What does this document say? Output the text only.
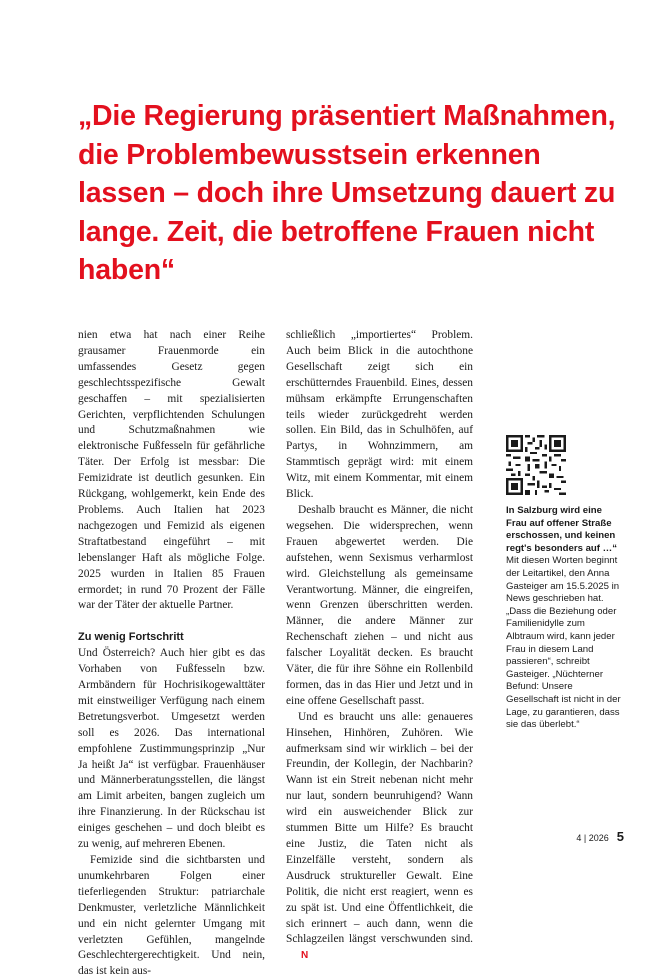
„Die Regierung präsentiert Maßnahmen, die Problembewusstsein erkennen lassen – doch ihre Umsetzung dauert zu lange. Zeit, die betroffene Frauen nicht haben“

nien etwa hat nach einer Reihe grausamer Frauenmorde ein umfassendes Gesetz gegen geschlechtsspezifische Gewalt geschaffen – mit spezialisierten Gerichten, verpflichtenden Schulungen und Schutzmaßnahmen wie elektronische Fußfesseln für gefährliche Täter. Der Erfolg ist messbar: Die Femizidrate ist deutlich gesunken. Ein Rückgang, wohlgemerkt, kein Ende des Problems. Auch Italien hat 2023 nachgezogen und Femizid als eigenen Straftatbestand eingeführt – mit lebenslanger Haft als mögliche Folge. 2025 wurden in Italien 85 Frauen ermordet; in rund 70 Prozent der Fälle war der Täter der aktuelle Partner.

Zu wenig Fortschritt

Und Österreich? Auch hier gibt es das Vorhaben von Fußfesseln bzw. Armbändern für Hochrisikogewalttäter mit einstweiliger Verfügung nach einem Betretungsverbot. Umgesetzt werden soll es 2026. Das international empfohlene Zustimmungsprinzip „Nur Ja heißt Ja“ ist verfügbar. Frauenhäuser und Männerberatungsstellen, die längst am Limit arbeiten, bangen zugleich um ihre Finanzierung. In der Rückschau ist einiges geschehen – und doch bleibt es zu wenig, auf mehreren Ebenen.

Femizide sind die sichtbarsten und unumkehrbaren Folgen einer tieferliegenden Struktur: patriarchale Denkmuster, verletzliche Männlichkeit und ein nicht gelernter Umgang mit verletzten Gefühlen, mangelnde Geschlechtergerechtigkeit. Und nein, das ist kein aus-

schließlich „importiertes“ Problem. Auch beim Blick in die autochthone Gesellschaft zeigt sich ein erschütterndes Frauenbild. Eines, dessen mühsam erkämpfte Errungenschaften teils wieder zurückgedreht werden sollen. Ein Bild, das in Schulhöfen, auf Partys, in Wohnzimmern, am Stammtisch geprägt wird: mit einem Witz, mit einem Kommentar, mit einem Blick.

Deshalb braucht es Männer, die nicht wegsehen. Die widersprechen, wenn Frauen abgewertet werden. Die aufstehen, wenn Sexismus verharmlost wird. Gleichstellung als gemeinsame Verantwortung. Männer, die eingreifen, wenn Grenzen überschritten werden. Männer, die andere Männer zur Rechenschaft ziehen – und nicht aus falscher Loyalität decken. Es braucht Väter, die für ihre Söhne ein Rollenbild formen, das in das Hier und Jetzt und in eine offene Gesellschaft passt.

Und es braucht uns alle: genaueres Hinsehen, Hinhören, Zuhören. Wie aufmerksam sind wir wirklich – bei der Freundin, der Kollegin, der Nachbarin? Wann ist ein Streit nebenan nicht mehr nur laut, sondern beunruhigend? Wann wird ein ausweichender Blick zur stummen Bitte um Hilfe? Es braucht eine Justiz, die Taten nicht als Einzelfälle versteht, sondern als Ausdruck struktureller Gewalt. Eine Politik, die nicht erst reagiert, wenn es zu spät ist. Und eine Öffentlichkeit, die sich erinnert – auch dann, wenn die Schlagzeilen längst verschwunden sind.N

In Salzburg wird eine Frau auf offener Straße erschossen, und keinen regt's besonders auf …“ Mit diesen Worten beginnt der Leitartikel, den Anna Gasteiger am 15.5.2025 in News geschrieben hat. „Dass die Beziehung oder Familienidylle zum Albtraum wird, kann jeder Frau in diesem Land passieren“, schreibt Gasteiger. „Nüchterner Befund: Unsere Gesellschaft ist nicht in der Lage, zu garantieren, dass sie das überlebt.“
4 | 2026 5
